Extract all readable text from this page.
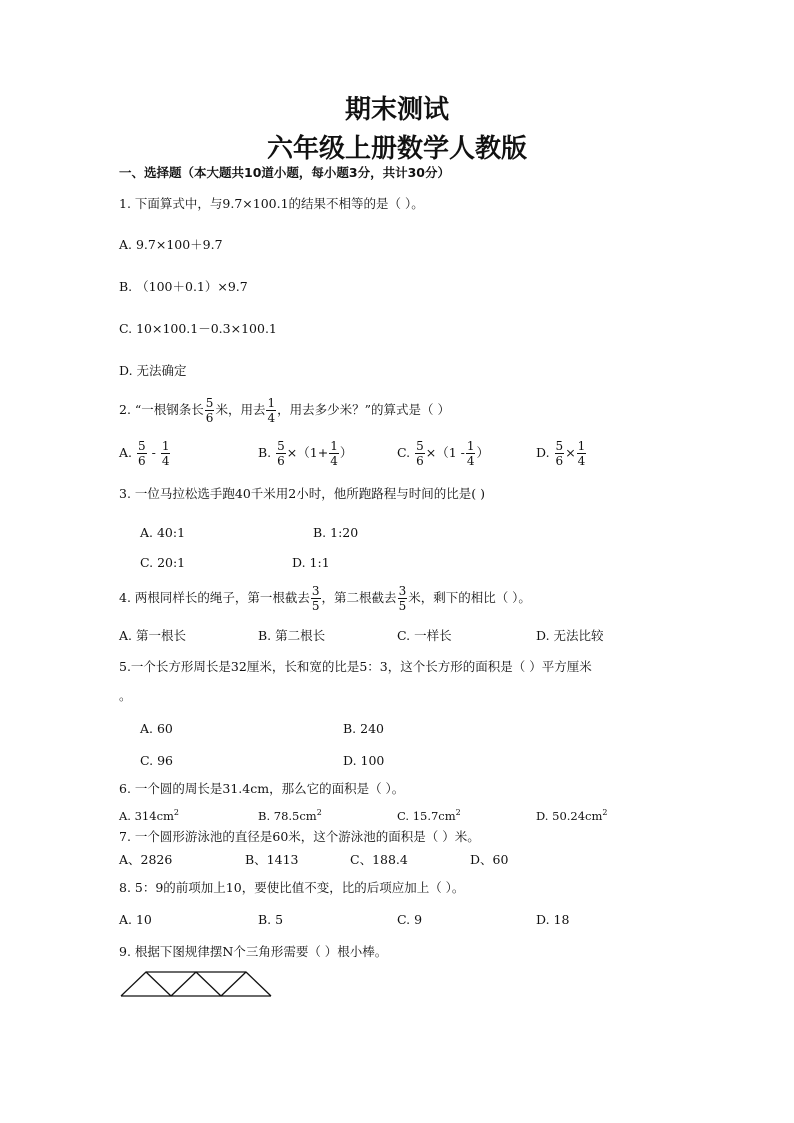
期末测试
六年级上册数学人教版
一、选择题（本大题共10道小题，每小题3分，共计30分）
1. 下面算式中，与9.7×100.1的结果不相等的是（ ）。
A. 9.7×100＋9.7
B. （100＋0.1）×9.7
C. 10×100.1－0.3×100.1
D. 无法确定
2. “一根钢条长 $\frac{5}{6}$ 米，用去 $\frac{1}{4}$ ，用去多少米？”的算式是（ ）
A.
$\frac{5}{6}$
-
$\frac{1}{4}$	B.
$\frac{5}{6} \times(1+ \frac{1}{4}$ ）	C.
$\frac{5}{6} \times(1 - \frac{1}{4}$ ）	D.
$\frac{5}{6} \times \frac{1}{4}$
3. 一位马拉松选手跑40千米用2小时，他所跑路程与时间的比是( )
A. 40:1	B. 1:20
C. 20:1	D. 1:1
4. 两根同样长的绳子，第一根截去 $\frac{3}{5}$ ，第二根截去 $\frac{3}{5}$ 米，剩下的相比（ ）。
A. 第一根长	B. 第二根长	C. 一样长	D. 无法比较
5.一个长方形周长是32厘米，长和宽的比是5：3，这个长方形的面积是（ ）平方厘米
。
A. 60	B. 240
C. 96	D. 100
6. 一个圆的周长是31.4cm，那么它的面积是（ ）。
A. $314cm^2$	B. $78.5cm^2$	C. $15.7cm^2$	D. $50.24cm^2$
7. 一个圆形游泳池的直径是60米，这个游泳池的面积是（ ）米。
A、2826	B、1413	C、188.4	D、60
8. 5：9的前项加上10，要使比值不变，比的后项应加上（ ）。
A. 10	B. 5	C. 9	D. 18
9. 根据下图规律摆N个三角形需要（ ）根小棒。
